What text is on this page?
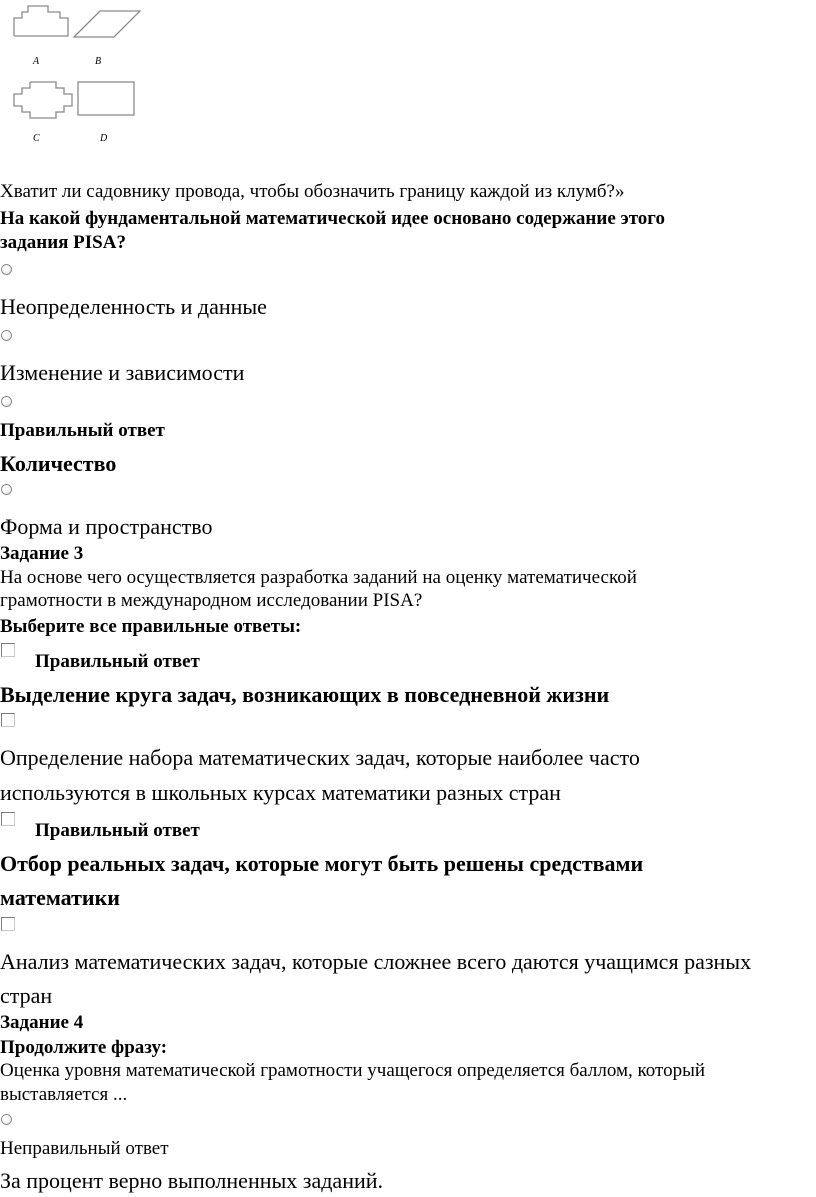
A	B
C	D
Хватит ли садовнику провода, чтобы обозначить границу каждой из клумб?»
На какой фундаментальной математической идее основано содержание этого
задания PISA?
Неопределенность и данные
Изменение и зависимости
Правильный ответ
Количество
Форма и пространство
Задание 3
На основе чего осуществляется разработка заданий на оценку математической
грамотности в международном исследовании PISA?
Выберите все правильные ответы:
Правильный ответ
Выделение круга задач, возникающих в повседневной жизни
Определение набора математических задач, которые наиболее часто
используются в школьных курсах математики разных стран
Правильный ответ
Отбор реальных задач, которые могут быть решены средствами
математики
Анализ математических задач, которые сложнее всего даются учащимся разных
стран
Задание 4
Продолжите фразу:
Оценка уровня математической грамотности учащегося определяется баллом, который
выставляется ...
Неправильный ответ
За процент верно выполненных заданий.
